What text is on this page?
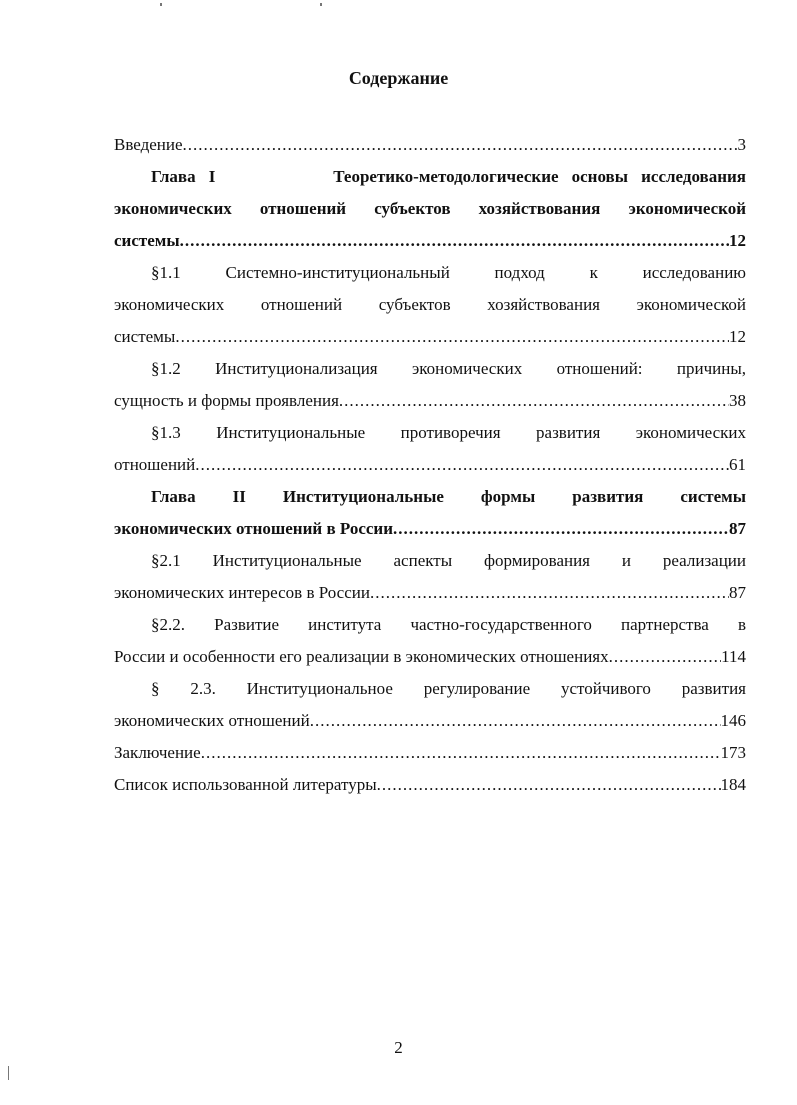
Содержание
Введение .....	3
Глава I         Теоретико-методологические основы исследования
экономических отношений субъектов хозяйствования экономической
системы .....	12
§1.1 Системно-институциональный подход к исследованию
экономических отношений субъектов хозяйствования экономической
системы .....	12
§1.2 Институционализация экономических отношений: причины,
сущность и формы проявления .....	38
§1.3 Институциональные противоречия развития экономических
отношений .....	61
Глава II Институциональные формы развития системы
экономических отношений в России .....	87
§2.1 Институциональные аспекты формирования и реализации
экономических интересов в России .....	87
§2.2. Развитие института частно-государственного партнерства в
России и особенности его реализации в экономических отношениях .....	114
§ 2.3. Институциональное регулирование устойчивого развития
экономических отношений .....	146
Заключение .....	173
Список использованной литературы .....	184
2
